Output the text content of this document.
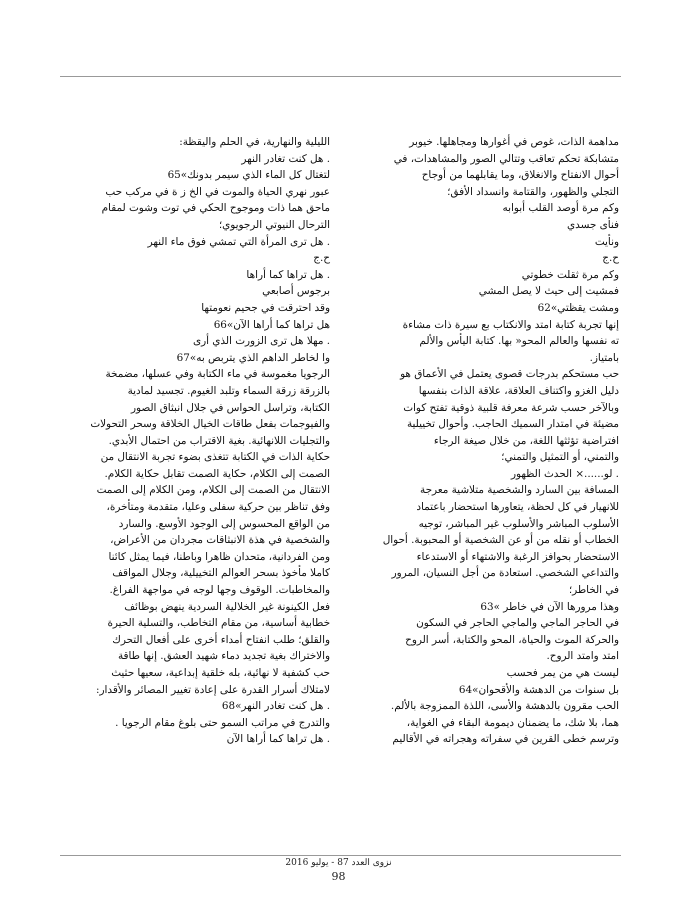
مداهمة الذات، غوص في أغوارها ومجاهلها. خيوبر

متشابكة تحكم تعاقب وتتالي الصور والمشاهدات، في

أحوال الانفتاح والانغلاق، وما يقابلهما من أوجاح

التجلي والظهور، والقتامة وانسداد الأفق؛

وكم مرة أوصد القلب أبوابه

فنأى جسدي

ونأيت

ح.ج

وكم مرة ثقلت خطوتي

فمشيت إلى حيث لا يصل المشي

ومشت يقظتي»62

إنها تجربة كتابة امتد والانكتاب بع سيرة ذات مشاءة

ته نفسها والعالم المحو« بها. كتابة اليأس والألم

بامتياز.

حب مستحكم بدرجات قصوى يعتمل في الأعماق هو

دليل الغزو واكتناف العلاقة، علاقة الذات بنفسها

وبالآخر حسب شرعة معرفة قلبية ذوقية تفتح كوات

مضيئة في امتدار السميك الحاجب. وأحوال تخييلية

افتراضية تؤثثها اللغة، من خلال صيغة الرجاء

والتمني، أو التمثيل والتمني؛

. لو......× الحدث الظهور

المسافة بين السارد والشخصية متلاشية معرجة

للانهيار في كل لحظة، يتعاورها استحضار باعتماد

الأسلوب المباشر والأسلوب غير المباشر، توجيه

الخطاب أو نقله من أو عن الشخصية أو المحبوبة. أحوال

الاستحضار بحوافز الرغبة والاشتهاء أو الاستدعاء

والتداعي الشخصي. استعادة من أجل النسيان، المرور

في الخاطر؛

وهذا مرورها الآن في خاطر »63

في الحاجر الماجي والماجي الحاجر في السكون

والحركة الموت والحياة، المحو والكتابة، أسر الروح

امتد وامتد الروح.

ليست هي من يمر فحسب

بل سنوات من الدهشة والأقحوان»64

الحب مقرون بالدهشة والأسى، اللذة الممزوجة بالألم.

هما، بلا شك، ما يضمنان ديمومة البقاء في الغواية،

وترسم خطى القرين في سفراته وهجراته في الأقاليم

الليلية والنهارية، في الحلم واليقظة:

. هل كنت تغادر النهر

لتغتال كل الماء الذي سيمر بدونك»65

عبور نهري الحياة والموت في الخ ز ة في مركب حب

ماحق هما ذات وموجوح الحكي في توت وشوت لمقام

الترحال النيوتي الرجويوي؛

. هل ترى المرأة التي تمشي فوق ماء النهر

ح.ج

. هل تراها كما أراها

برجوس أصابعي

وقد احترقت في جحيم نعومتها

هل تراها كما أراها الآن»66

. مهلا هل ترى الزورت الذي أرى

وا لخاطر الداهم الذي يتربص به»67

الرجويا مغموسة في ماء الكتابة وفي عسلها، مضمخة

بالزرقة زرقة السماء وتلبد الغيوم. تجسيد لمادية

الكتابة، وتراسل الحواس في جلال انبثاق الصور

والفيوجمات بفعل طاقات الخيال الخلاقة وسحر التحولات

والتجليات اللانهائية. بغية الاقتراب من احتمال الأبدي.

حكاية الذات في الكتابة تتغذى بضوء تجربة الانتقال من

الصمت إلى الكلام، حكاية الصمت تقابل حكاية الكلام.

الانتقال من الصمت إلى الكلام، ومن الكلام إلى الصمت

وفق تناظر بين حركية سفلى وعليا، متقدمة ومتأخرة،

من الواقع المحسوس إلى الوجود الأوسع. والسارد

والشخصية في هذة الانبثاقات مجردان من الأعراض،

ومن الفردانية، متحدان ظاهرا وباطنا، فيما يمثل كائنا

كاملا مأخوذ بسحر العوالم التخييلية، وجلال المواقف

والمخاطبات. الوقوف وجها لوجه في مواجهة الفراغ.

فعل الكينونة غير الخلالية السردية ينهض بوظائف

خطابية أساسية، من مقام التخاطب، والتسلية الحيرة

والقلق؛ طلب انفتاح أمداء أخرى على أفعال التحرك

والاختراك بغية تجديد دماء شهيد العشق. إنها طاقة

حب كشفية لا نهائية، بله خلقية إبداعية، سعيها حثيث

لامتلاك أسرار القدرة على إعادة تغيير المصائر والأقدار:

. هل كنت تغادر النهر»68

والتدرج في مراتب السمو حتى بلوغ مقام الرجويا .

. هل تراها كما أراها الآن

نزوى العدد 87 - يوليو 2016
98
